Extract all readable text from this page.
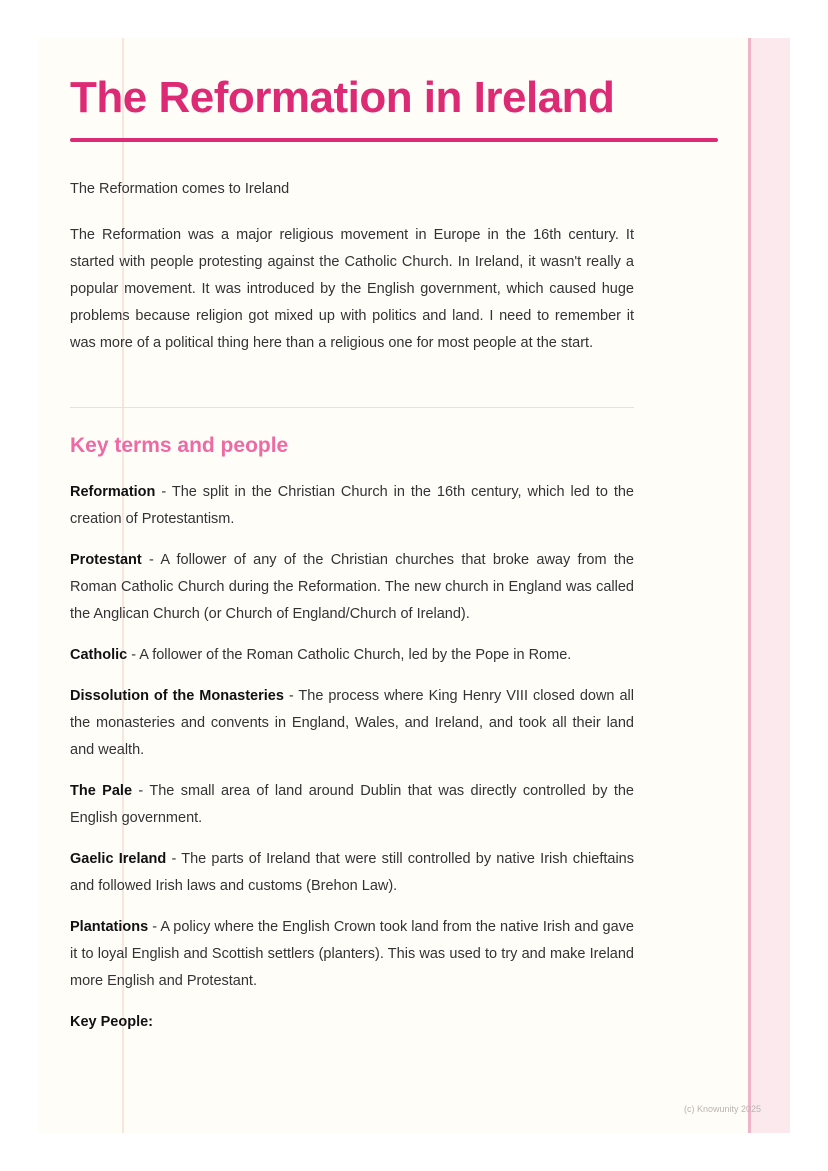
The Reformation in Ireland

The Reformation comes to Ireland

The Reformation was a major religious movement in Europe in the 16th century. It started with people protesting against the Catholic Church. In Ireland, it wasn't really a popular movement. It was introduced by the English government, which caused huge problems because religion got mixed up with politics and land. I need to remember it was more of a political thing here than a religious one for most people at the start.

Key terms and people

Reformation - The split in the Christian Church in the 16th century, which led to the creation of Protestantism.

Protestant - A follower of any of the Christian churches that broke away from the Roman Catholic Church during the Reformation. The new church in England was called the Anglican Church (or Church of England/Church of Ireland).

Catholic - A follower of the Roman Catholic Church, led by the Pope in Rome.

Dissolution of the Monasteries - The process where King Henry VIII closed down all the monasteries and convents in England, Wales, and Ireland, and took all their land and wealth.

The Pale - The small area of land around Dublin that was directly controlled by the English government.

Gaelic Ireland - The parts of Ireland that were still controlled by native Irish chieftains and followed Irish laws and customs (Brehon Law).

Plantations - A policy where the English Crown took land from the native Irish and gave it to loyal English and Scottish settlers (planters). This was used to try and make Ireland more English and Protestant.

Key People:

(c) Knowunity 2025
